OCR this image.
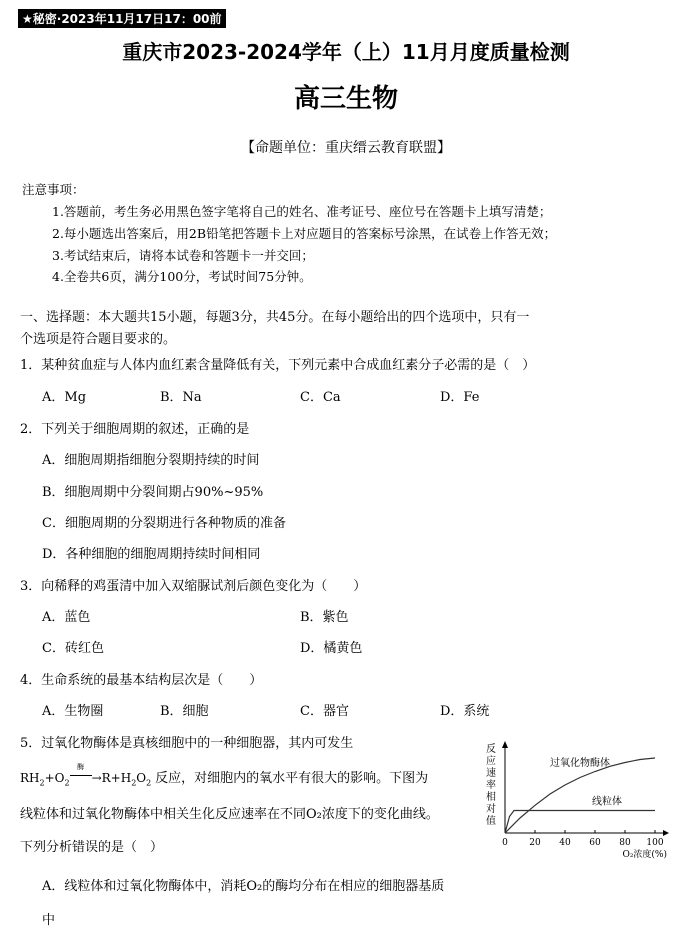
★秘密·2023年11月17日17：00前
重庆市2023-2024学年（上）11月月度质量检测
高三生物
【命题单位：重庆缙云教育联盟】
注意事项：
1.答题前，考生务必用黑色签字笔将自己的姓名、准考证号、座位号在答题卡上填写清楚；
2.每小题选出答案后，用2B铅笔把答题卡上对应题目的答案标号涂黑，在试卷上作答无效；
3.考试结束后，请将本试卷和答题卡一并交回；
4.全卷共6页，满分100分，考试时间75分钟。
一、选择题：本大题共15小题，每题3分，共45分。在每小题给出的四个选项中，只有一
个选项是符合题目要求的。
1．某种贫血症与人体内血红素含量降低有关，下列元素中合成血红素分子必需的是（　）
A．Mg	B．Na	C．Ca	D．Fe
2．下列关于细胞周期的叙述，正确的是
A．细胞周期指细胞分裂期持续的时间
B．细胞周期中分裂间期占90%~95%
C．细胞周期的分裂期进行各种物质的准备
D．各种细胞的细胞周期持续时间相同
3．向稀释的鸡蛋清中加入双缩脲试剂后颜色变化为（　　）
A．蓝色	B．紫色
C．砖红色	D．橘黄色
4．生命系统的最基本结构层次是（　　）
A．生物圈	B．细胞	C．器官	D．系统
5．过氧化物酶体是真核细胞中的一种细胞器，其内可发生
$RH_2+O_2$
酶
$\to R+H_2O_2$ 反应，对细胞内的氧水平有很大的影响。下图为
线粒体和过氧化物酶体中相关生化反应速率在不同O₂浓度下的变化曲线。
下列分析错误的是（　）
A．线粒体和过氧化物酶体中，消耗O₂的酶均分布在相应的细胞器基质
中
反
应
速
率
相
对
值
0 20 40 60 80 100
O₂浓度(%)
过氧化物酶体
线粒体
